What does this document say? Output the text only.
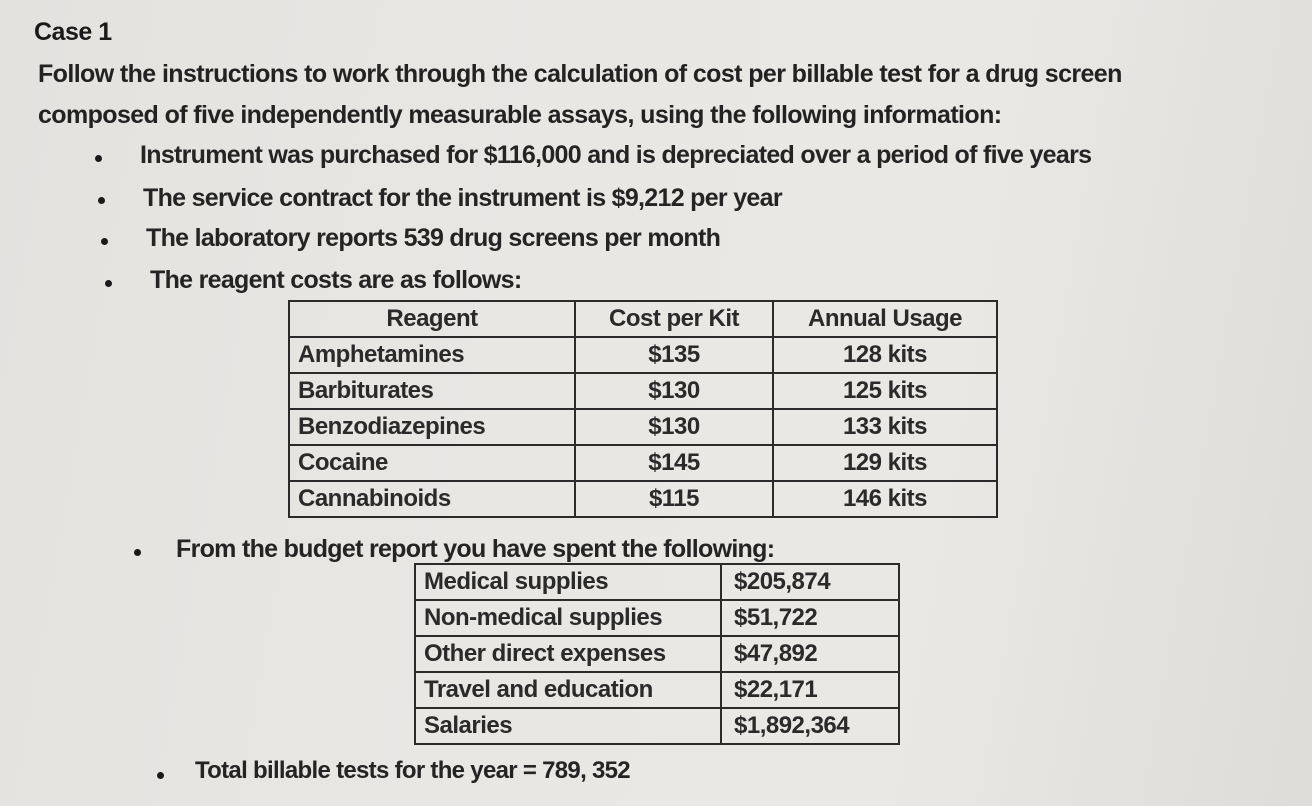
Case 1
Follow the instructions to work through the calculation of cost per billable test for a drug screen
composed of five independently measurable assays, using the following information:
Instrument was purchased for $116,000 and is depreciated over a period of five years
The service contract for the instrument is $9,212 per year
The laboratory reports 539 drug screens per month
The reagent costs are as follows:
Reagent	Cost per Kit	Annual Usage
Amphetamines	$135	128 kits
Barbiturates	$130	125 kits
Benzodiazepines	$130	133 kits
Cocaine	$145	129 kits
Cannabinoids	$115	146 kits
From the budget report you have spent the following:
Medical supplies	$205,874
Non-medical supplies	$51,722
Other direct expenses	$47,892
Travel and education	$22,171
Salaries	$1,892,364
Total billable tests for the year = 789, 352
